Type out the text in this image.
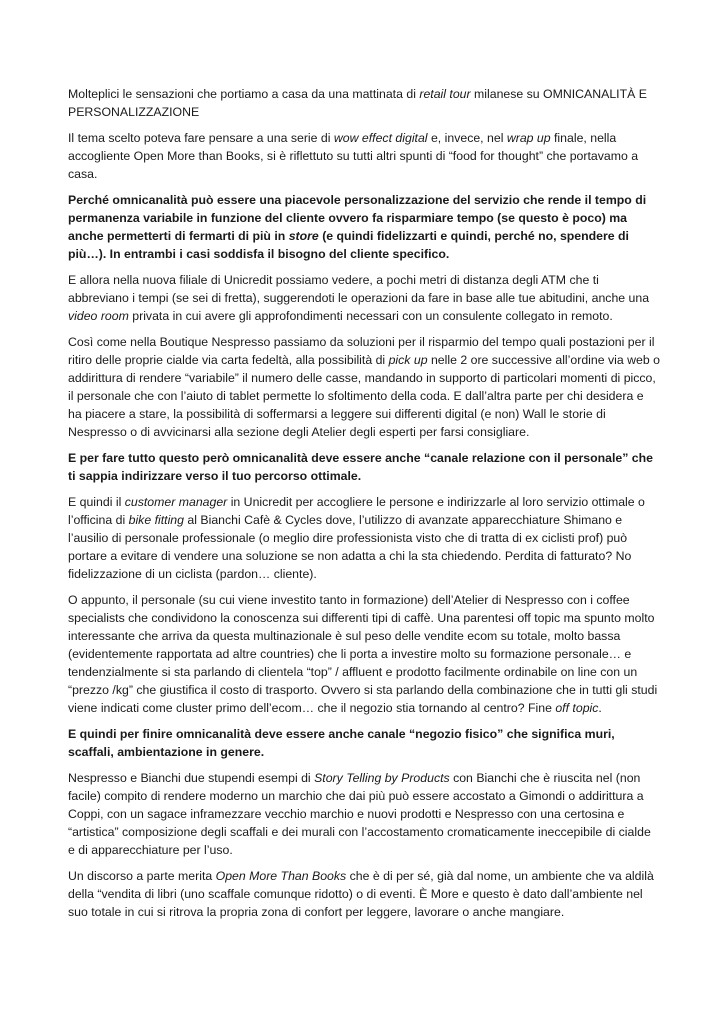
Molteplici le sensazioni che portiamo a casa da una mattinata di retail tour milanese su OMNICANALITÀ E PERSONALIZZAZIONE

Il tema scelto poteva fare pensare a una serie di wow effect digital e, invece, nel wrap up finale, nella accogliente Open More than Books, si è riflettuto su tutti altri spunti di “food for thought” che portavamo a casa.

Perché omnicanalità può essere una piacevole personalizzazione del servizio che rende il tempo di permanenza variabile in funzione del cliente ovvero fa risparmiare tempo (se questo è poco) ma anche permetterti di fermarti di più in store (e quindi fidelizzarti e quindi, perché no, spendere di più…). In entrambi i casi soddisfa il bisogno del cliente specifico.

E allora nella nuova filiale di Unicredit possiamo vedere, a pochi metri di distanza degli ATM che ti abbreviano i tempi (se sei di fretta), suggerendoti le operazioni da fare in base alle tue abitudini, anche una video room privata in cui avere gli approfondimenti necessari con un consulente collegato in remoto.

Così come nella Boutique Nespresso passiamo da soluzioni per il risparmio del tempo quali postazioni per il ritiro delle proprie cialde via carta fedeltà, alla possibilità di pick up nelle 2 ore successive all’ordine via web o addirittura di rendere “variabile” il numero delle casse, mandando in supporto di particolari momenti di picco, il personale che con l’aiuto di tablet permette lo sfoltimento della coda. E dall’altra parte per chi desidera e ha piacere a stare, la possibilità di soffermarsi a leggere sui differenti digital (e non) Wall le storie di Nespresso o di avvicinarsi alla sezione degli Atelier degli esperti per farsi consigliare.

E per fare tutto questo però omnicanalità deve essere anche “canale relazione con il personale” che ti sappia indirizzare verso il tuo percorso ottimale.

E quindi il customer manager in Unicredit per accogliere le persone e indirizzarle al loro servizio ottimale o l’officina di bike fitting al Bianchi Cafè & Cycles dove, l’utilizzo di avanzate apparecchiature Shimano e l’ausilio di personale professionale (o meglio dire professionista visto che di tratta di ex ciclisti prof) può portare a evitare di vendere una soluzione se non adatta a chi la sta chiedendo. Perdita di fatturato? No fidelizzazione di un ciclista (pardon… cliente).

O appunto, il personale (su cui viene investito tanto in formazione) dell’Atelier di Nespresso con i coffee specialists che condividono la conoscenza sui differenti tipi di caffè. Una parentesi off topic ma spunto molto interessante che arriva da questa multinazionale è sul peso delle vendite ecom su totale, molto bassa (evidentemente rapportata ad altre countries) che li porta a investire molto su formazione personale… e tendenzialmente si sta parlando di clientela “top” / affluent e prodotto facilmente ordinabile on line con un “prezzo /kg” che giustifica il costo di trasporto. Ovvero si sta parlando della combinazione che in tutti gli studi viene indicati come cluster primo dell’ecom… che il negozio stia tornando al centro? Fine off topic.

E quindi per finire omnicanalità deve essere anche canale “negozio fisico” che significa muri, scaffali, ambientazione in genere.

Nespresso e Bianchi due stupendi esempi di Story Telling by Products con Bianchi che è riuscita nel (non facile) compito di rendere moderno un marchio che dai più può essere accostato a Gimondi o addirittura a Coppi, con un sagace inframezzare vecchio marchio e nuovi prodotti e Nespresso con una certosina e “artistica” composizione degli scaffali e dei murali con l’accostamento cromaticamente ineccepibile di cialde e di apparecchiature per l’uso.

Un discorso a parte merita Open More Than Books che è di per sé, già dal nome, un ambiente che va aldilà della “vendita di libri (uno scaffale comunque ridotto) o di eventi. È More e questo è dato dall’ambiente nel suo totale in cui si ritrova la propria zona di confort per leggere, lavorare o anche mangiare.
